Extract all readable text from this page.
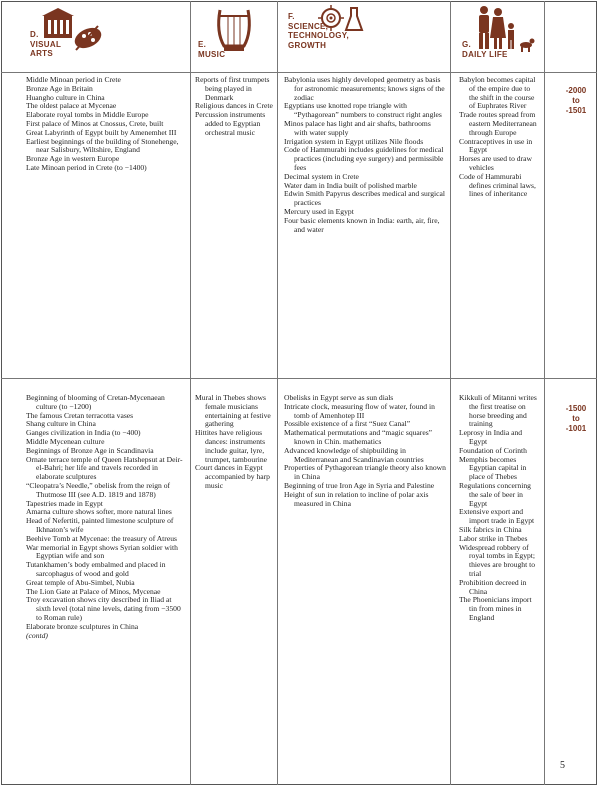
D.
VISUAL
ARTS
E.
MUSIC
F.
SCIENCE,
TECHNOLOGY,
GROWTH	G.
DAILY LIFE
Middle Minoan period in Crete
Bronze Age in Britain
Huangho culture in China
The oldest palace at Mycenae
Elaborate royal tombs in Middle Europe
First palace of Minos at Cnossus, Crete, built
Great Labyrinth of Egypt built by Amenemhet III
Earliest beginnings of the building of Stonehenge, near Salisbury, Wiltshire, England
Bronze Age in western Europe
Late Minoan period in Crete (to −1400)
Reports of first trumpets being played in Denmark
Religious dances in Crete
Percussion instruments added to Egyptian orchestral music
Babylonia uses highly developed geometry as basis for astronomic measurements; knows signs of the zodiac
Egyptians use knotted rope triangle with “Pythagorean” numbers to construct right angles
Minos palace has light and air shafts, bathrooms with water supply
Irrigation system in Egypt utilizes Nile floods
Code of Hammurabi includes guidelines for medical practices (including eye surgery) and permissible fees
Decimal system in Crete
Water dam in India built of polished marble
Edwin Smith Papyrus describes medical and surgical practices
Mercury used in Egypt
Four basic elements known in India: earth, air, fire, and water
Babylon becomes capital of the empire due to the shift in the course of Euphrates River
Trade routes spread from eastern Mediterranean through Europe
Contraceptives in use in Egypt
Horses are used to draw vehicles
Code of Hammurabi defines criminal laws, lines of inheritance
-2000
to
-1501
Beginning of blooming of Cretan-Mycenaean culture (to −1200)
The famous Cretan terracotta vases
Shang culture in China
Ganges civilization in India (to −400)
Middle Mycenean culture
Beginnings of Bronze Age in Scandinavia
Ornate terrace temple of Queen Hatshepsut at Deir-el-Bahri; her life and travels recorded in elaborate sculptures
“Cleopatra’s Needle,” obelisk from the reign of Thutmose III (see A.D. 1819 and 1878)
Tapestries made in Egypt
Amarna culture shows softer, more natural lines
Head of Nefertiti, painted limestone sculpture of Ikhnaton’s wife
Beehive Tomb at Mycenae: the treasury of Atreus
War memorial in Egypt shows Syrian soldier with Egyptian wife and son
Tutankhamen’s body embalmed and placed in sarcophagus of wood and gold
Great temple of Abu-Simbel, Nubia
The Lion Gate at Palace of Minos, Mycenae
Troy excavation shows city described in Iliad at sixth level (total nine levels, dating from −3500 to Roman rule)
Elaborate bronze sculptures in China
(contd)
Mural in Thebes shows female musicians entertaining at festive gathering
Hittites have religious dances: instruments include guitar, lyre, trumpet, tambourine
Court dances in Egypt accompanied by harp music
Obelisks in Egypt serve as sun dials
Intricate clock, measuring flow of water, found in tomb of Amenhotep III
Possible existence of a first “Suez Canal”
Mathematical permutations and “magic squares” known in Chin. mathematics
Advanced knowledge of shipbuilding in Mediterranean and Scandinavian countries
Properties of Pythagorean triangle theory also known in China
Beginning of true Iron Age in Syria and Palestine
Height of sun in relation to incline of polar axis measured in China
Kikkuli of Mitanni writes the first treatise on horse breeding and training
Leprosy in India and Egypt
Foundation of Corinth
Memphis becomes Egyptian capital in place of Thebes
Regulations concerning the sale of beer in Egypt
Extensive export and import trade in Egypt
Silk fabrics in China
Labor strike in Thebes
Widespread robbery of royal tombs in Egypt; thieves are brought to trial
Prohibition decreed in China
The Phoenicians import tin from mines in England
-1500
to
-1001
5
